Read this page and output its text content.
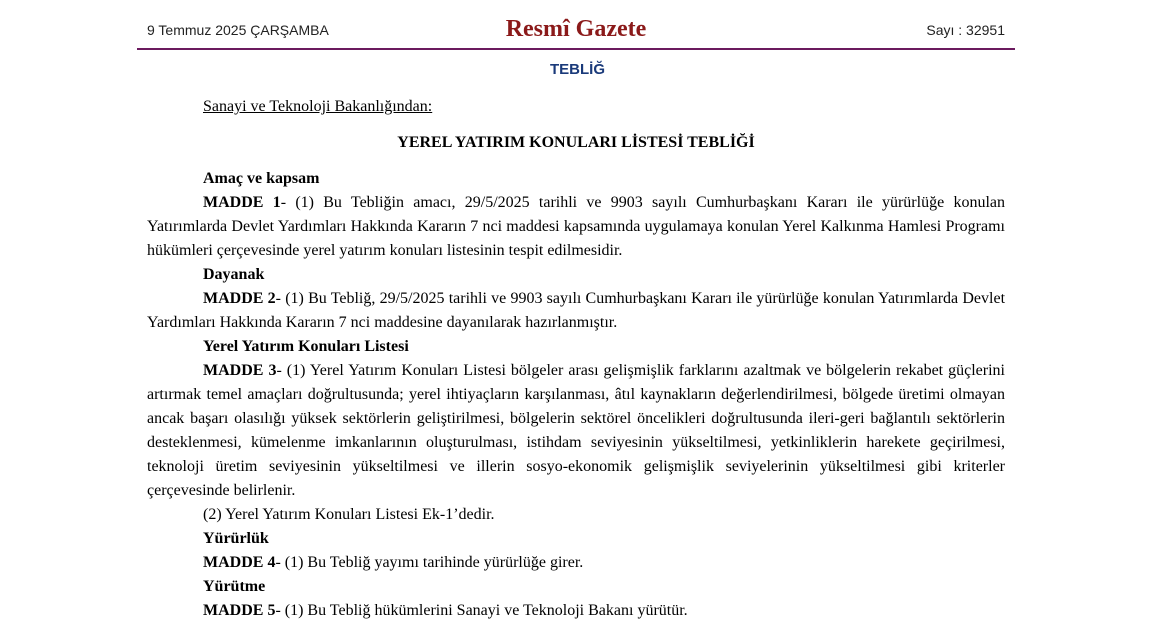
9 Temmuz 2025 ÇARŞAMBA	Resmî Gazete	Sayı : 32951
TEBLİĞ

Sanayi ve Teknoloji Bakanlığından:

YEREL YATIRIM KONULARI LİSTESİ TEBLİĞİ

Amaç ve kapsam

MADDE 1- (1) Bu Tebliğin amacı, 29/5/2025 tarihli ve 9903 sayılı Cumhurbaşkanı Kararı ile yürürlüğe konulan Yatırımlarda Devlet Yardımları Hakkında Kararın 7 nci maddesi kapsamında uygulamaya konulan Yerel Kalkınma Hamlesi Programı hükümleri çerçevesinde yerel yatırım konuları listesinin tespit edilmesidir.

Dayanak

MADDE 2- (1) Bu Tebliğ, 29/5/2025 tarihli ve 9903 sayılı Cumhurbaşkanı Kararı ile yürürlüğe konulan Yatırımlarda Devlet Yardımları Hakkında Kararın 7 nci maddesine dayanılarak hazırlanmıştır.

Yerel Yatırım Konuları Listesi

MADDE 3- (1) Yerel Yatırım Konuları Listesi bölgeler arası gelişmişlik farklarını azaltmak ve bölgelerin rekabet güçlerini artırmak temel amaçları doğrultusunda; yerel ihtiyaçların karşılanması, âtıl kaynakların değerlendirilmesi, bölgede üretimi olmayan ancak başarı olasılığı yüksek sektörlerin geliştirilmesi, bölgelerin sektörel öncelikleri doğrultusunda ileri-geri bağlantılı sektörlerin desteklenmesi, kümelenme imkanlarının oluşturulması, istihdam seviyesinin yükseltilmesi, yetkinliklerin harekete geçirilmesi, teknoloji üretim seviyesinin yükseltilmesi ve illerin sosyo-ekonomik gelişmişlik seviyelerinin yükseltilmesi gibi kriterler çerçevesinde belirlenir.

(2) Yerel Yatırım Konuları Listesi Ek-1’dedir.

Yürürlük

MADDE 4- (1) Bu Tebliğ yayımı tarihinde yürürlüğe girer.

Yürütme

MADDE 5- (1) Bu Tebliğ hükümlerini Sanayi ve Teknoloji Bakanı yürütür.
